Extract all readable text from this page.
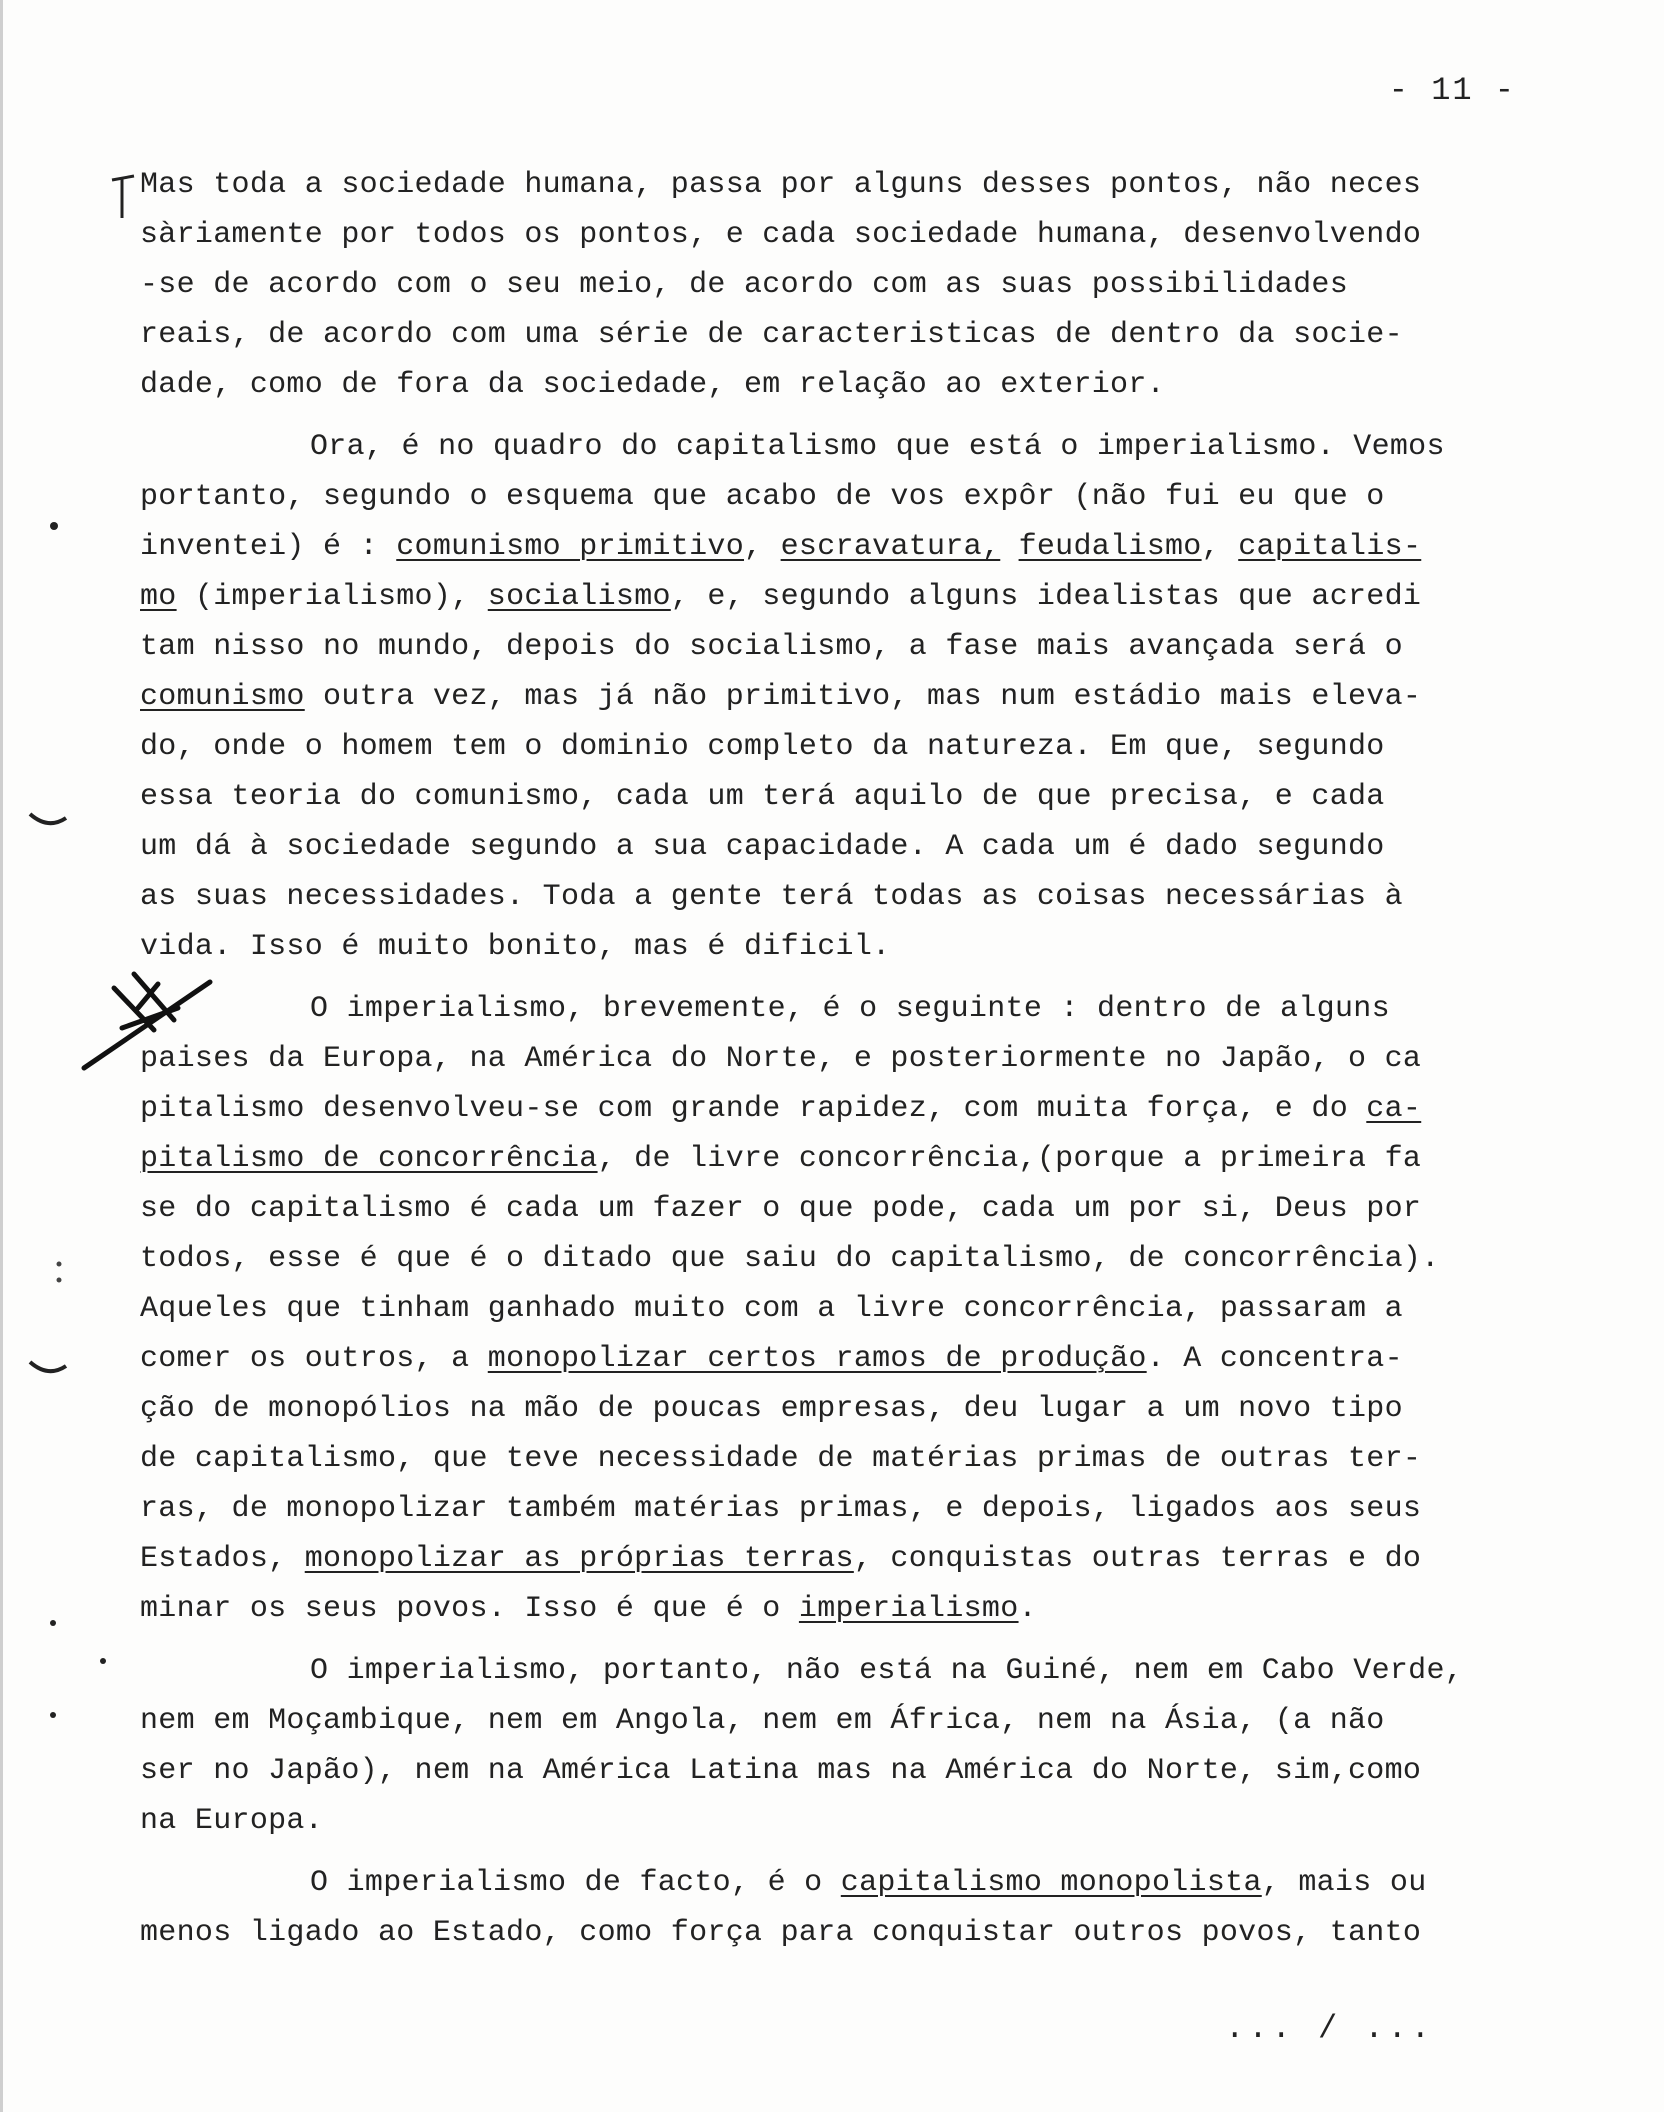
- 11 -
Mas toda a sociedade humana, passa por alguns desses pontos, não neces
sàriamente por todos os pontos, e cada sociedade humana, desenvolvendo
-se de acordo com o seu meio, de acordo com as suas possibilidades
reais, de acordo com uma série de caracteristicas de dentro da socie-
dade, como de fora da sociedade, em relação ao exterior.
Ora, é no quadro do capitalismo que está o imperialismo. Vemos
portanto, segundo o esquema que acabo de vos expôr (não fui eu que o
inventei) é : comunismo primitivo, escravatura, feudalismo, capitalis-
mo (imperialismo), socialismo, e, segundo alguns idealistas que acredi
tam nisso no mundo, depois do socialismo, a fase mais avançada será o
comunismo outra vez, mas já não primitivo, mas num estádio mais eleva-
do, onde o homem tem o dominio completo da natureza. Em que, segundo
essa teoria do comunismo, cada um terá aquilo de que precisa, e cada
um dá à sociedade segundo a sua capacidade. A cada um é dado segundo
as suas necessidades. Toda a gente terá todas as coisas necessárias à
vida. Isso é muito bonito, mas é dificil.
O imperialismo, brevemente, é o seguinte : dentro de alguns
paises da Europa, na América do Norte, e posteriormente no Japão, o ca
pitalismo desenvolveu-se com grande rapidez, com muita força, e do ca-
pitalismo de concorrência, de livre concorrência,(porque a primeira fa
se do capitalismo é cada um fazer o que pode, cada um por si, Deus por
todos, esse é que é o ditado que saiu do capitalismo, de concorrência).
Aqueles que tinham ganhado muito com a livre concorrência, passaram a
comer os outros, a monopolizar certos ramos de produção. A concentra-
ção de monopólios na mão de poucas empresas, deu lugar a um novo tipo
de capitalismo, que teve necessidade de matérias primas de outras ter-
ras, de monopolizar também matérias primas, e depois, ligados aos seus
Estados, monopolizar as próprias terras, conquistas outras terras e do
minar os seus povos. Isso é que é o imperialismo.
O imperialismo, portanto, não está na Guiné, nem em Cabo Verde,
nem em Moçambique, nem em Angola, nem em África, nem na Ásia, (a não
ser no Japão), nem na América Latina mas na América do Norte, sim,como
na Europa.
O imperialismo de facto, é o capitalismo monopolista, mais ou
menos ligado ao Estado, como força para conquistar outros povos, tanto
... / ...
